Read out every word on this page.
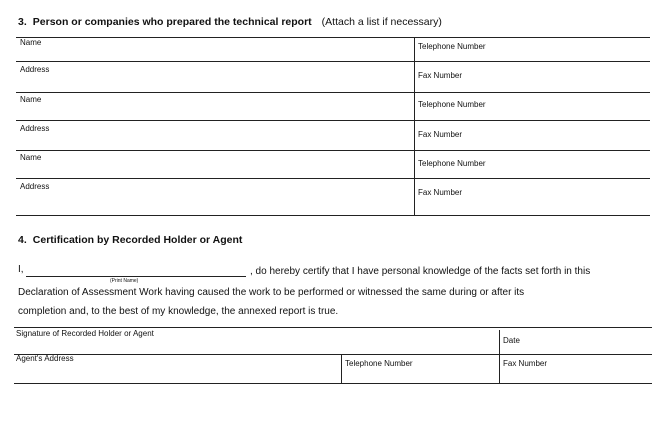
3. Person or companies who prepared the technical report (Attach a list if necessary)
Name	Telephone Number
Address
Fax Number
Name
Telephone Number
Address
Fax Number
Name
Telephone Number
Address
Fax Number
4. Certification by Recorded Holder or Agent
I,
(Print Name)
, do hereby certify that I have personal knowledge of the facts set forth in this
Declaration of Assessment Work having caused the work to be performed or witnessed the same during or after its
completion and, to the best of my knowledge, the annexed report is true.
Signature of Recorded Holder or Agent
Date
Agent's Address
Telephone Number	Fax Number
